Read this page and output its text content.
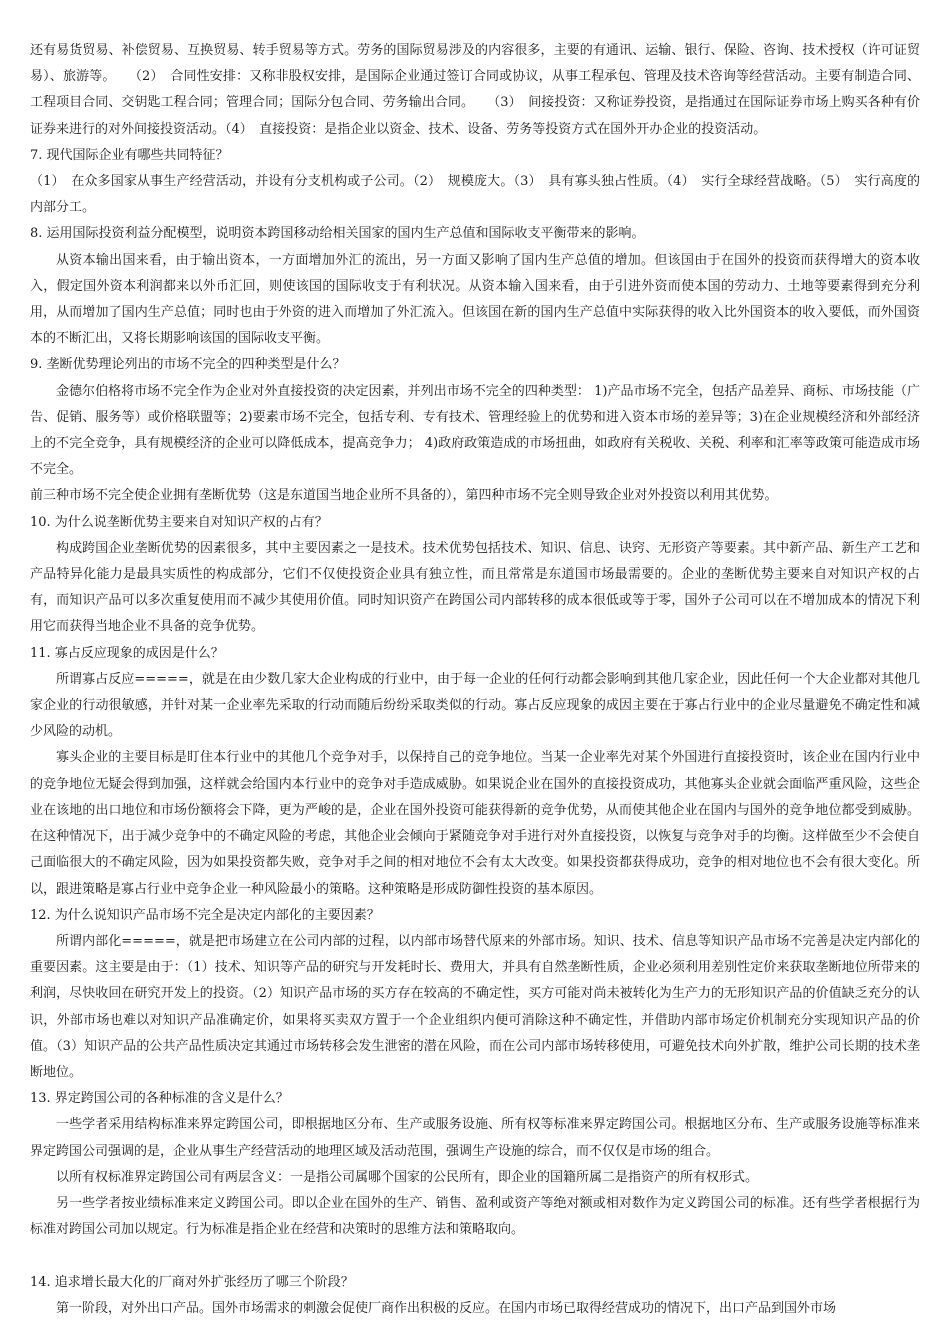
还有易货贸易、补偿贸易、互换贸易、转手贸易等方式。劳务的国际贸易涉及的内容很多，主要的有通讯、运输、银行、保险、咨询、技术授权（许可证贸易）、旅游等。　　（2）　合同性安排：又称非股权安排，是国际企业通过签订合同或协议，从事工程承包、管理及技术咨询等经营活动。主要有制造合同、工程项目合同、交钥匙工程合同；管理合同；国际分包合同、劳务输出合同。　　（3）　间接投资：又称证券投资，是指通过在国际证券市场上购买各种有价证券来进行的对外间接投资活动。（4）　直接投资：是指企业以资金、技术、设备、劳务等投资方式在国外开办企业的投资活动。

7. 现代国际企业有哪些共同特征？

（1）　在众多国家从事生产经营活动，并设有分支机构或子公司。（2）　规模庞大。（3）　具有寡头独占性质。（4）　实行全球经营战略。（5）　实行高度的内部分工。

8. 运用国际投资利益分配模型，说明资本跨国移动给相关国家的国内生产总值和国际收支平衡带来的影响。

从资本输出国来看，由于输出资本，一方面增加外汇的流出，另一方面又影响了国内生产总值的增加。但该国由于在国外的投资而获得增大的资本收入，假定国外资本利润都来以外币汇回，则使该国的国际收支于有利状况。从资本输入国来看，由于引进外资而使本国的劳动力、土地等要素得到充分利用，从而增加了国内生产总值；同时也由于外资的进入而增加了外汇流入。但该国在新的国内生产总值中实际获得的收入比外国资本的收入要低，而外国资本的不断汇出，又将长期影响该国的国际收支平衡。

9. 垄断优势理论列出的市场不完全的四种类型是什么？

金德尔伯格将市场不完全作为企业对外直接投资的决定因素，并列出市场不完全的四种类型： 1)产品市场不完全，包括产品差异、商标、市场技能（广告、促销、服务等）或价格联盟等；2)要素市场不完全，包括专利、专有技术、管理经验上的优势和进入资本市场的差异等；3)在企业规模经济和外部经济上的不完全竞争，具有规模经济的企业可以降低成本，提高竞争力； 4)政府政策造成的市场扭曲，如政府有关税收、关税、利率和汇率等政策可能造成市场不完全。

前三种市场不完全使企业拥有垄断优势（这是东道国当地企业所不具备的），第四种市场不完全则导致企业对外投资以利用其优势。

10. 为什么说垄断优势主要来自对知识产权的占有？

构成跨国企业垄断优势的因素很多，其中主要因素之一是技术。技术优势包括技术、知识、信息、诀窍、无形资产等要素。其中新产品、新生产工艺和产品特异化能力是最具实质性的构成部分，它们不仅使投资企业具有独立性，而且常常是东道国市场最需要的。企业的垄断优势主要来自对知识产权的占有，而知识产品可以多次重复使用而不减少其使用价值。同时知识资产在跨国公司内部转移的成本很低或等于零，国外子公司可以在不增加成本的情况下利用它而获得当地企业不具备的竞争优势。

11. 寡占反应现象的成因是什么？

所谓寡占反应=====，就是在由少数几家大企业构成的行业中，由于每一企业的任何行动都会影响到其他几家企业，因此任何一个大企业都对其他几家企业的行动很敏感，并针对某一企业率先采取的行动而随后纷纷采取类似的行动。寡占反应现象的成因主要在于寡占行业中的企业尽量避免不确定性和减少风险的动机。

寡头企业的主要目标是盯住本行业中的其他几个竞争对手，以保持自己的竞争地位。当某一企业率先对某个外国进行直接投资时，该企业在国内行业中的竞争地位无疑会得到加强，这样就会给国内本行业中的竞争对手造成威胁。如果说企业在国外的直接投资成功，其他寡头企业就会面临严重风险，这些企业在该地的出口地位和市场份额将会下降，更为严峻的是，企业在国外投资可能获得新的竞争优势，从而使其他企业在国内与国外的竞争地位都受到威胁。在这种情况下，出于减少竞争中的不确定风险的考虑，其他企业会倾向于紧随竞争对手进行对外直接投资，以恢复与竞争对手的均衡。这样做至少不会使自己面临很大的不确定风险，因为如果投资都失败，竞争对手之间的相对地位不会有太大改变。如果投资都获得成功，竞争的相对地位也不会有很大变化。所以，跟进策略是寡占行业中竞争企业一种风险最小的策略。这种策略是形成防御性投资的基本原因。

12. 为什么说知识产品市场不完全是决定内部化的主要因素？

所谓内部化=====，就是把市场建立在公司内部的过程，以内部市场替代原来的外部市场。知识、技术、信息等知识产品市场不完善是决定内部化的重要因素。这主要是由于：（1）技术、知识等产品的研究与开发耗时长、费用大，并具有自然垄断性质，企业必须利用差别性定价来获取垄断地位所带来的利润，尽快收回在研究开发上的投资。（2）知识产品市场的买方存在较高的不确定性，买方可能对尚未被转化为生产力的无形知识产品的价值缺乏充分的认识，外部市场也难以对知识产品准确定价，如果将买卖双方置于一个企业组织内便可消除这种不确定性，并借助内部市场定价机制充分实现知识产品的价值。（3）知识产品的公共产品性质决定其通过市场转移会发生泄密的潜在风险，而在公司内部市场转移使用，可避免技术向外扩散，维护公司长期的技术垄断地位。

13. 界定跨国公司的各种标准的含义是什么？

一些学者采用结构标准来界定跨国公司，即根据地区分布、生产或服务设施、所有权等标准来界定跨国公司。根据地区分布、生产或服务设施等标准来界定跨国公司强调的是，企业从事生产经营活动的地理区域及活动范围，强调生产设施的综合，而不仅仅是市场的组合。

以所有权标准界定跨国公司有两层含义：一是指公司属哪个国家的公民所有，即企业的国籍所属二是指资产的所有权形式。

另一些学者按业绩标准来定义跨国公司。即以企业在国外的生产、销售、盈利或资产等绝对额或相对数作为定义跨国公司的标准。还有些学者根据行为标准对跨国公司加以规定。行为标准是指企业在经营和决策时的思维方法和策略取向。

14. 追求增长最大化的厂商对外扩张经历了哪三个阶段？

第一阶段，对外出口产品。国外市场需求的刺激会促使厂商作出积极的反应。在国内市场已取得经营成功的情况下，出口产品到国外市场
